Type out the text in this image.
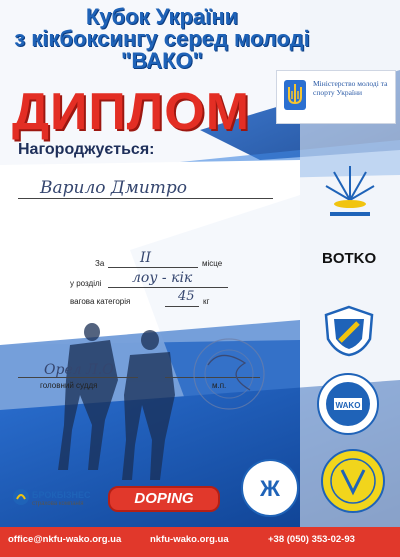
Кубок України
з кікбоксингу серед молоді
"ВАКО"
ДИПЛОМ
Нагороджується:
Міністерство молоді та спорту України
Варило Дмитро
За	II	місце
у розділі лоу - кік
вагова категорія	45 кг
Орел Л.О
головний суддя	м.п.
BOTKO
WAKO
Ж
DOPING
БРОКБІЗНЕС
страхова компанія
office@nkfu-wako.org.ua	nkfu-wako.org.ua	+38 (050) 353-02-93
